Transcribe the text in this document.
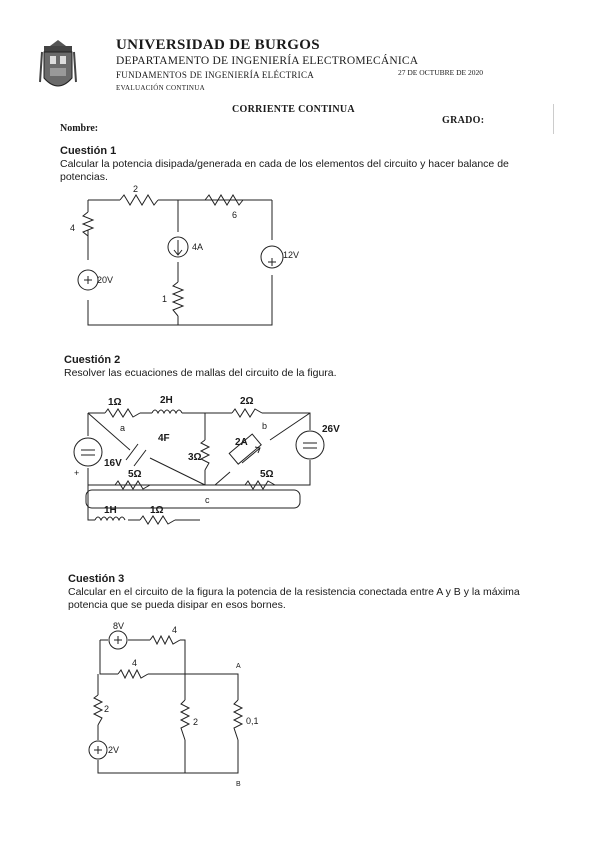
UNIVERSIDAD DE BURGOS
DEPARTAMENTO DE INGENIERÍA ELECTROMECÁNICA
FUNDAMENTOS DE INGENIERÍA ELÉCTRICA
EVALUACIÓN CONTINUA
27 DE OCTUBRE DE 2020
CORRIENTE CONTINUA
Nombre:
GRADO:
Cuestión 1
Calcular la potencia disipada/generada en cada de los elementos del circuito y hacer balance de potencias.
2
6
4
20V
4A
1
12V
Cuestión 2
Resolver las ecuaciones de mallas del circuito de la figura.
1Ω	2H	2Ω
26V
16V
+
4F
3Ω
2A
5Ω	5Ω
1H	1Ω
a	b
c
Cuestión 3
Calcular en el circuito de la figura la potencia de la resistencia conectada entre A y B y la máxima potencia que se pueda disipar en esos bornes.
8V	4
4
2
2V
2	0,1
A
B
